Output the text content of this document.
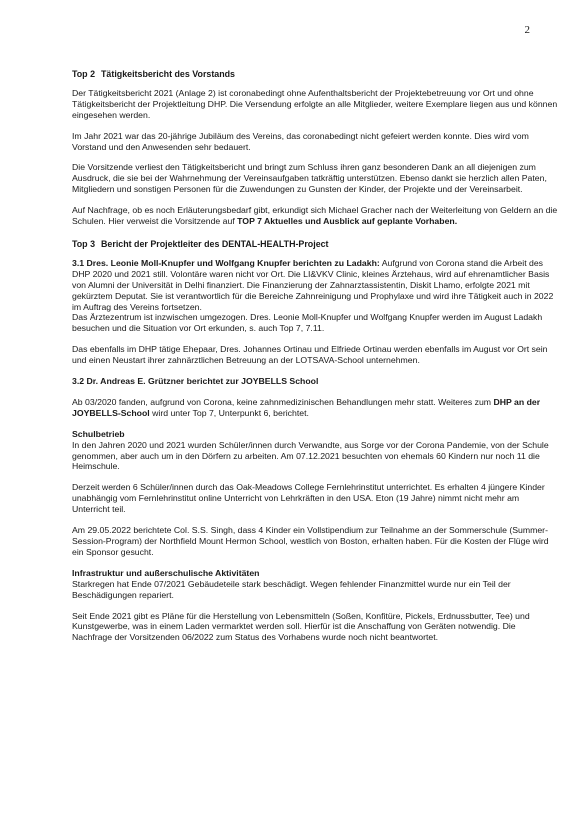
2
Top 2 Tätigkeitsbericht des Vorstands

Der Tätigkeitsbericht 2021 (Anlage 2) ist coronabedingt ohne Aufenthaltsbericht der Projektebetreuung vor Ort und ohne Tätigkeitsbericht der Projektleitung DHP. Die Versendung erfolgte an alle Mitglieder, weitere Exemplare liegen aus und können eingesehen werden.

Im Jahr 2021 war das 20-jährige Jubiläum des Vereins, das coronabedingt nicht gefeiert werden konnte. Dies wird vom Vorstand und den Anwesenden sehr bedauert.

Die Vorsitzende verliest den Tätigkeitsbericht und bringt zum Schluss ihren ganz besonderen Dank an all diejenigen zum Ausdruck, die sie bei der Wahrnehmung der Vereinsaufgaben tatkräftig unterstützen. Ebenso dankt sie herzlich allen Paten, Mitgliedern und sonstigen Personen für die Zuwendungen zu Gunsten der Kinder, der Projekte und der Vereinsarbeit.

Auf Nachfrage, ob es noch Erläuterungsbedarf gibt, erkundigt sich Michael Gracher nach der Weiterleitung von Geldern an die Schulen. Hier verweist die Vorsitzende auf TOP 7 Aktuelles und Ausblick auf geplante Vorhaben.

Top 3 Bericht der Projektleiter des DENTAL-HEALTH-Project

3.1 Dres. Leonie Moll-Knupfer und Wolfgang Knupfer berichten zu Ladakh: Aufgrund von Corona stand die Arbeit des DHP 2020 und 2021 still. Volontäre waren nicht vor Ort. Die LI&VKV Clinic, kleines Ärztehaus, wird auf ehrenamtlicher Basis von Alumni der Universität in Delhi finanziert. Die Finanzierung der Zahnarztassistentin, Diskit Lhamo, erfolgte 2021 mit gekürztem Deputat. Sie ist verantwortlich für die Bereiche Zahnreinigung und Prophylaxe und wird ihre Tätigkeit auch in 2022 im Auftrag des Vereins fortsetzen.

Das Ärztezentrum ist inzwischen umgezogen. Dres. Leonie Moll-Knupfer und Wolfgang Knupfer werden im August Ladakh besuchen und die Situation vor Ort erkunden, s. auch Top 7, 7.11.

Das ebenfalls im DHP tätige Ehepaar, Dres. Johannes Ortinau und Elfriede Ortinau werden ebenfalls im August vor Ort sein und einen Neustart ihrer zahnärztlichen Betreuung an der LOTSAVA-School unternehmen.

3.2 Dr. Andreas E. Grützner berichtet zur JOYBELLS School

Ab 03/2020 fanden, aufgrund von Corona, keine zahnmedizinischen Behandlungen mehr statt. Weiteres zum DHP an der JOYBELLS-School wird unter Top 7, Unterpunkt 6, berichtet.

Schulbetrieb

In den Jahren 2020 und 2021 wurden Schüler/innen durch Verwandte, aus Sorge vor der Corona Pandemie, von der Schule genommen, aber auch um in den Dörfern zu arbeiten. Am 07.12.2021 besuchten von ehemals 60 Kindern nur noch 11 die Heimschule.

Derzeit werden 6 Schüler/innen durch das Oak-Meadows College Fernlehrinstitut unterrichtet. Es erhalten 4 jüngere Kinder unabhängig vom Fernlehrinstitut online Unterricht von Lehrkräften in den USA. Eton (19 Jahre) nimmt nicht mehr am Unterricht teil.

Am 29.05.2022 berichtete Col. S.S. Singh, dass 4 Kinder ein Vollstipendium zur Teilnahme an der Sommerschule (Summer-Session-Program) der Northfield Mount Hermon School, westlich von Boston, erhalten haben. Für die Kosten der Flüge wird ein Sponsor gesucht.

Infrastruktur und außerschulische Aktivitäten

Starkregen hat Ende 07/2021 Gebäudeteile stark beschädigt. Wegen fehlender Finanzmittel wurde nur ein Teil der Beschädigungen repariert.

Seit Ende 2021 gibt es Pläne für die Herstellung von Lebensmitteln (Soßen, Konfitüre, Pickels, Erdnussbutter, Tee) und Kunstgewerbe, was in einem Laden vermarktet werden soll. Hierfür ist die Anschaffung von Geräten notwendig. Die Nachfrage der Vorsitzenden 06/2022 zum Status des Vorhabens wurde noch nicht beantwortet.
